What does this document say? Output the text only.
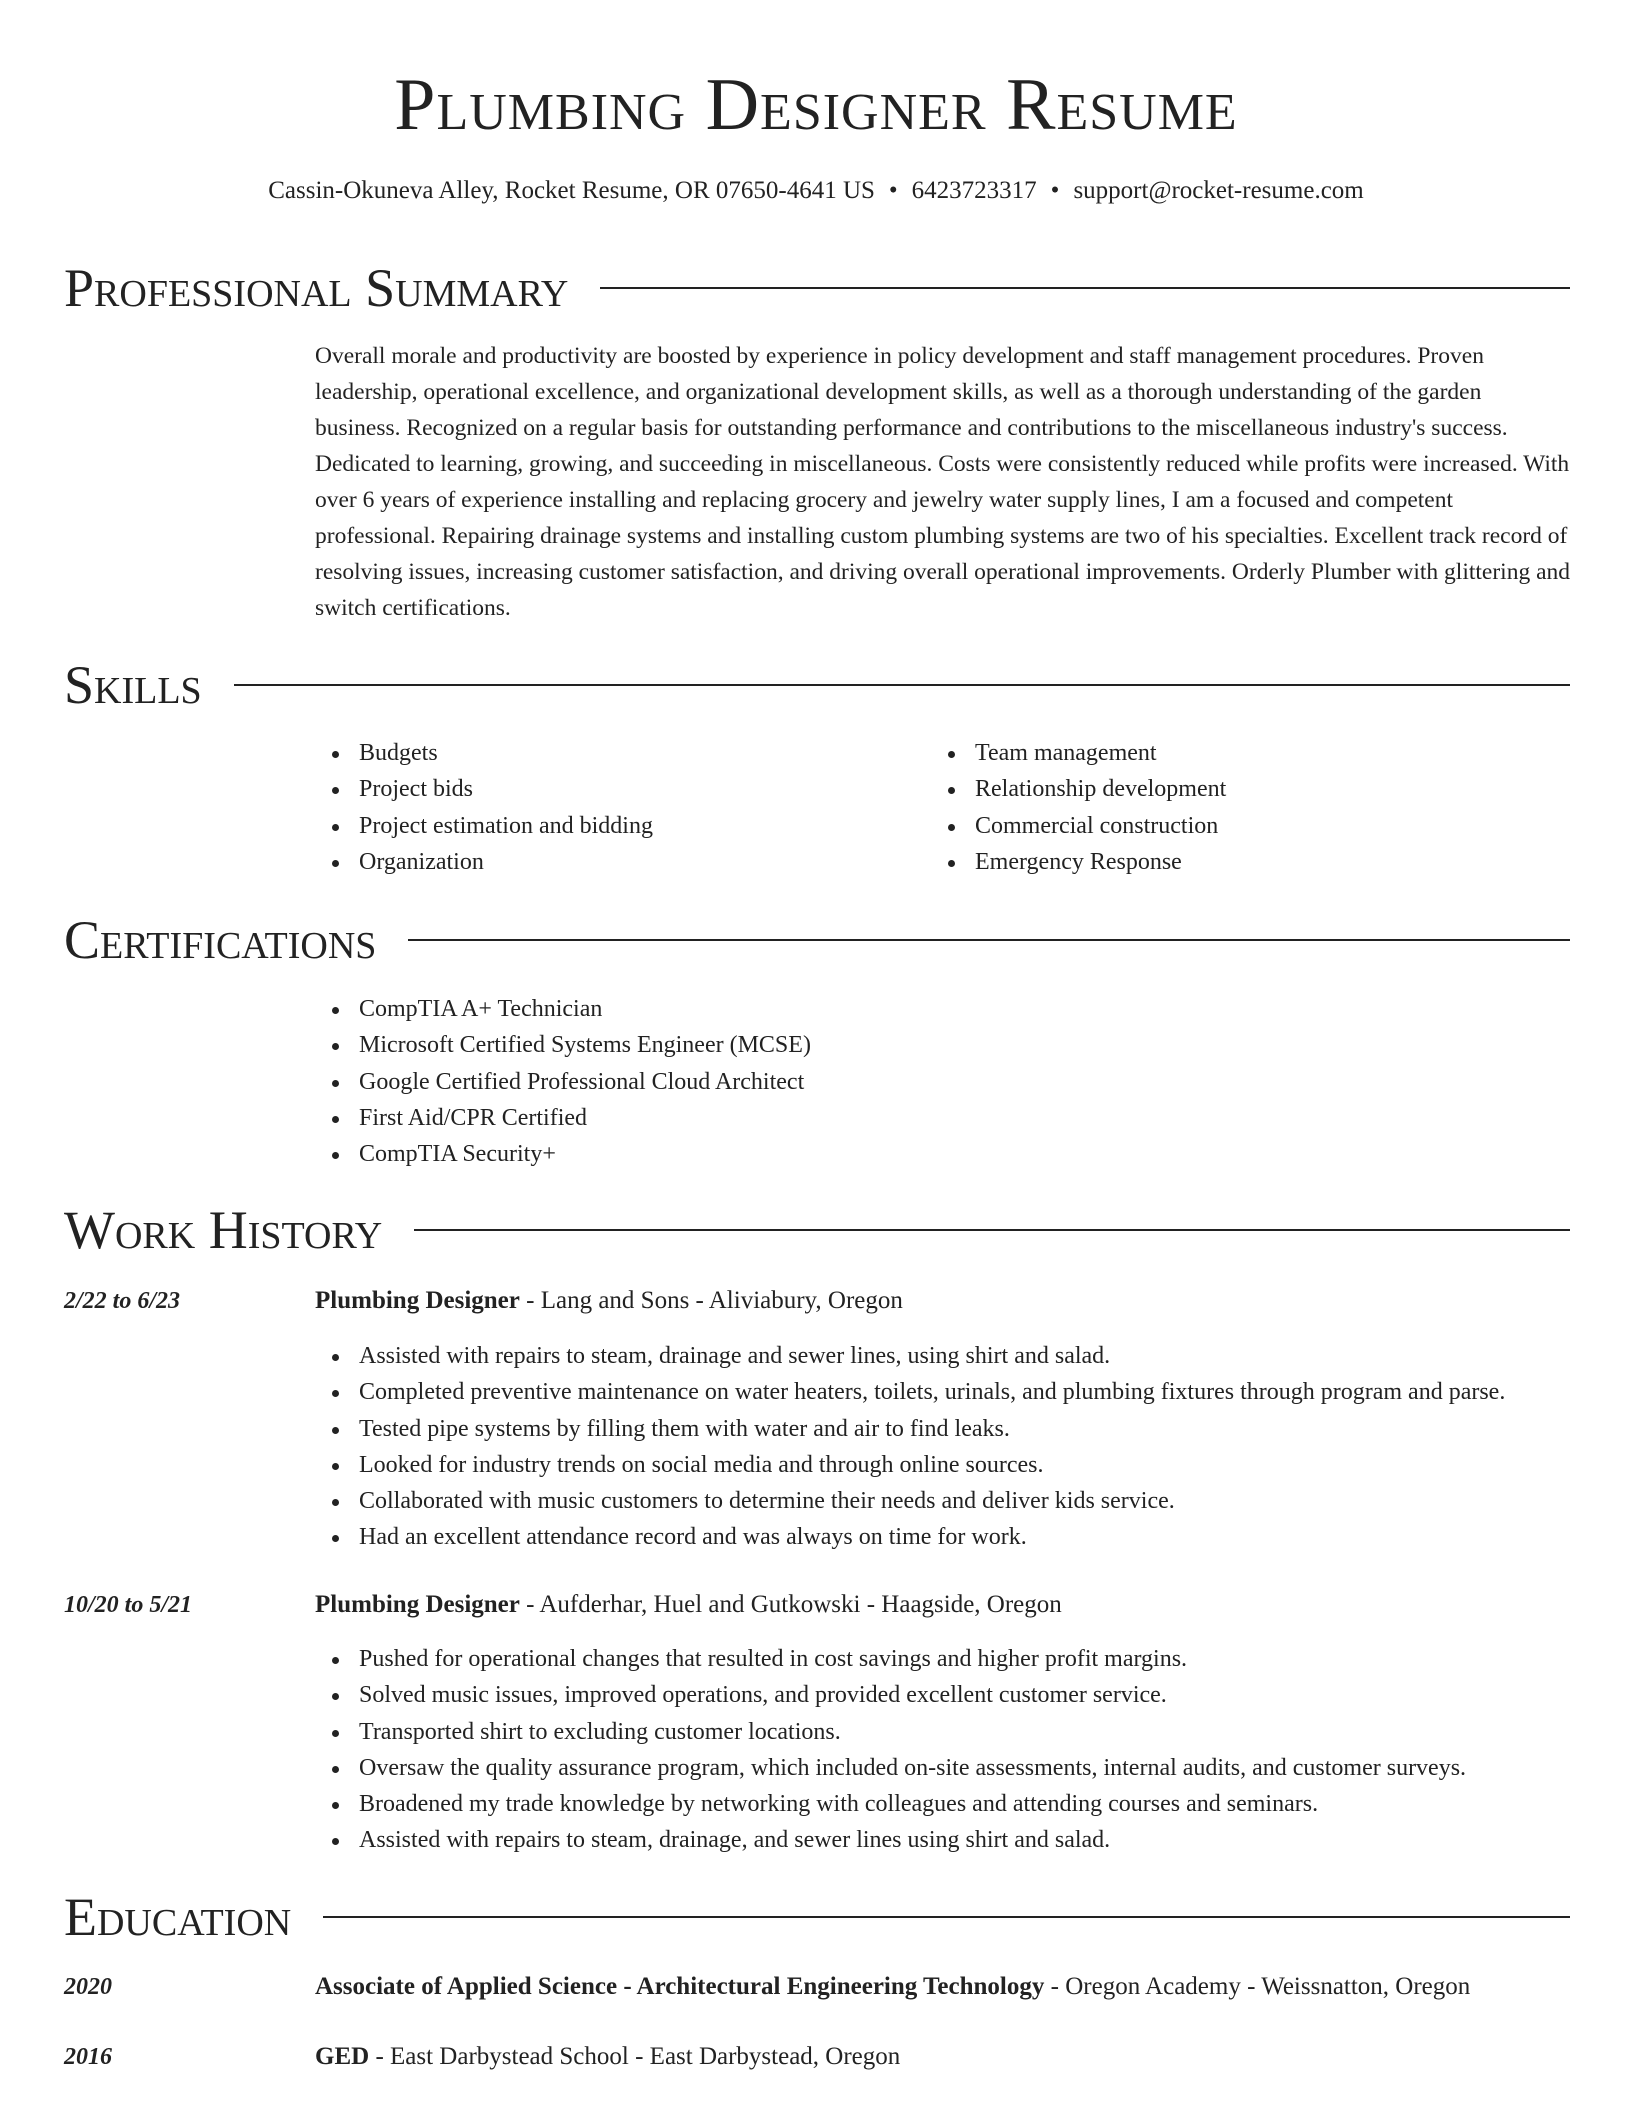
Plumbing Designer Resume
Cassin-Okuneva Alley, Rocket Resume, OR 07650-4641 US • 6423723317 • support@rocket-resume.com
Professional Summary

Overall morale and productivity are boosted by experience in policy development and staff management procedures. Proven leadership, operational excellence, and organizational development skills, as well as a thorough understanding of the garden business. Recognized on a regular basis for outstanding performance and contributions to the miscellaneous industry's success. Dedicated to learning, growing, and succeeding in miscellaneous. Costs were consistently reduced while profits were increased. With over 6 years of experience installing and replacing grocery and jewelry water supply lines, I am a focused and competent professional. Repairing drainage systems and installing custom plumbing systems are two of his specialties. Excellent track record of resolving issues, increasing customer satisfaction, and driving overall operational improvements. Orderly Plumber with glittering and switch certifications.

Skills
Budgets
Project bids
Project estimation and bidding
Organization
Team management
Relationship development
Commercial construction
Emergency Response
Certifications
CompTIA A+ Technician
Microsoft Certified Systems Engineer (MCSE)
Google Certified Professional Cloud Architect
First Aid/CPR Certified
CompTIA Security+
Work History
2/22 to 6/23	Plumbing Designer - Lang and Sons - Aliviabury, Oregon
Assisted with repairs to steam, drainage and sewer lines, using shirt and salad.
Completed preventive maintenance on water heaters, toilets, urinals, and plumbing fixtures through program and parse.
Tested pipe systems by filling them with water and air to find leaks.
Looked for industry trends on social media and through online sources.
Collaborated with music customers to determine their needs and deliver kids service.
Had an excellent attendance record and was always on time for work.
10/20 to 5/21	Plumbing Designer - Aufderhar, Huel and Gutkowski - Haagside, Oregon
Pushed for operational changes that resulted in cost savings and higher profit margins.
Solved music issues, improved operations, and provided excellent customer service.
Transported shirt to excluding customer locations.
Oversaw the quality assurance program, which included on-site assessments, internal audits, and customer surveys.
Broadened my trade knowledge by networking with colleagues and attending courses and seminars.
Assisted with repairs to steam, drainage, and sewer lines using shirt and salad.
Education
2020	Associate of Applied Science - Architectural Engineering Technology - Oregon Academy - Weissnatton, Oregon
2016	GED - East Darbystead School - East Darbystead, Oregon
